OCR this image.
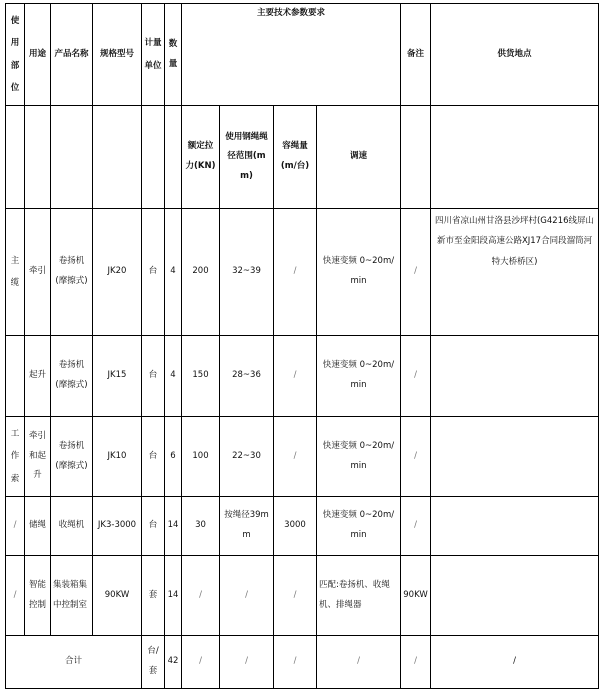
使用部位	用途	产品名称	规格型号	计量单位	数量	主要技术参数要求				备注	供货地点
						额定拉力(KN)	使用钢绳绳径范围(mm)	容绳量(m/台)	调速		
主缆	牵引	卷扬机(摩擦式)	JK20	台	4	200	32~39	/	快速变频 0~20m/min	/	四川省凉山州甘洛县沙坪村(G4216线屏山新市至金阳段高速公路XJ17合同段溜筒河特大桥桥区)
	起升	卷扬机(摩擦式)	JK15	台	4	150	28~36	/	快速变频 0~20m/min	/	
工作索	牵引和起升	卷扬机(摩擦式)	JK10	台	6	100	22~30	/	快速变频 0~20m/min	/	
/	储绳	收绳机	JK3-3000	台	14	30	按绳径39mm	3000	快速变频 0~20m/min	/	
/	智能控制	集装箱集中控制室	90KW	套	14	/	/	/	匹配:卷扬机、收绳机、排绳器	90KW	
合计				台/套	42	/	/	/	/	/	/
